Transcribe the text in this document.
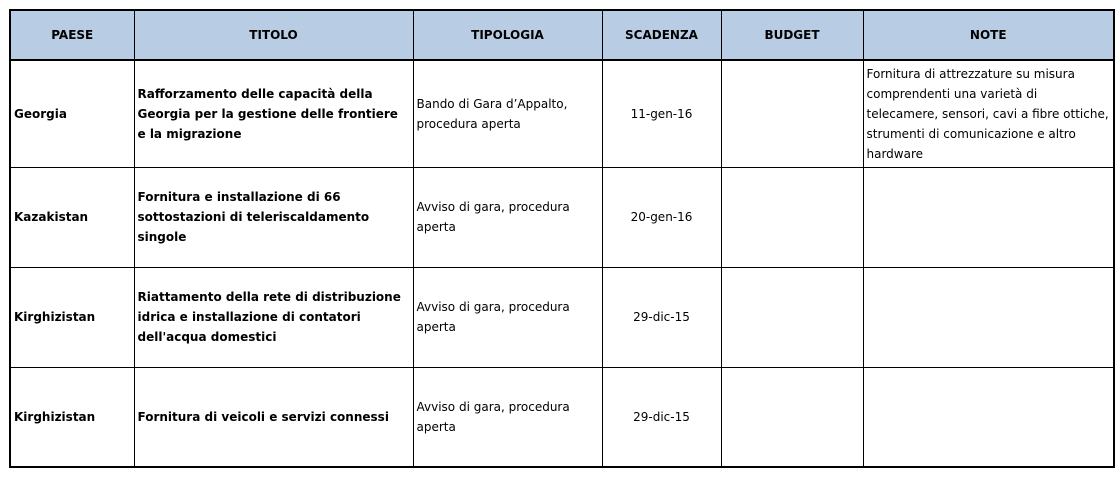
PAESE	TITOLO	TIPOLOGIA	SCADENZA	BUDGET	NOTE
Georgia	Rafforzamento delle capacità della Georgia per la gestione delle frontiere e la migrazione	Bando di Gara d’Appalto, procedura aperta	11-gen-16		Fornitura di attrezzature su misura comprendenti una varietà di telecamere, sensori, cavi a fibre ottiche, strumenti di comunicazione e altro hardware
Kazakistan	Fornitura e installazione di 66 sottostazioni di teleriscaldamento singole	Avviso di gara, procedura aperta	20-gen-16		
Kirghizistan	Riattamento della rete di distribuzione idrica e installazione di contatori dell'acqua domestici	Avviso di gara, procedura aperta	29-dic-15		
Kirghizistan	Fornitura di veicoli e servizi connessi	Avviso di gara, procedura aperta	29-dic-15		
